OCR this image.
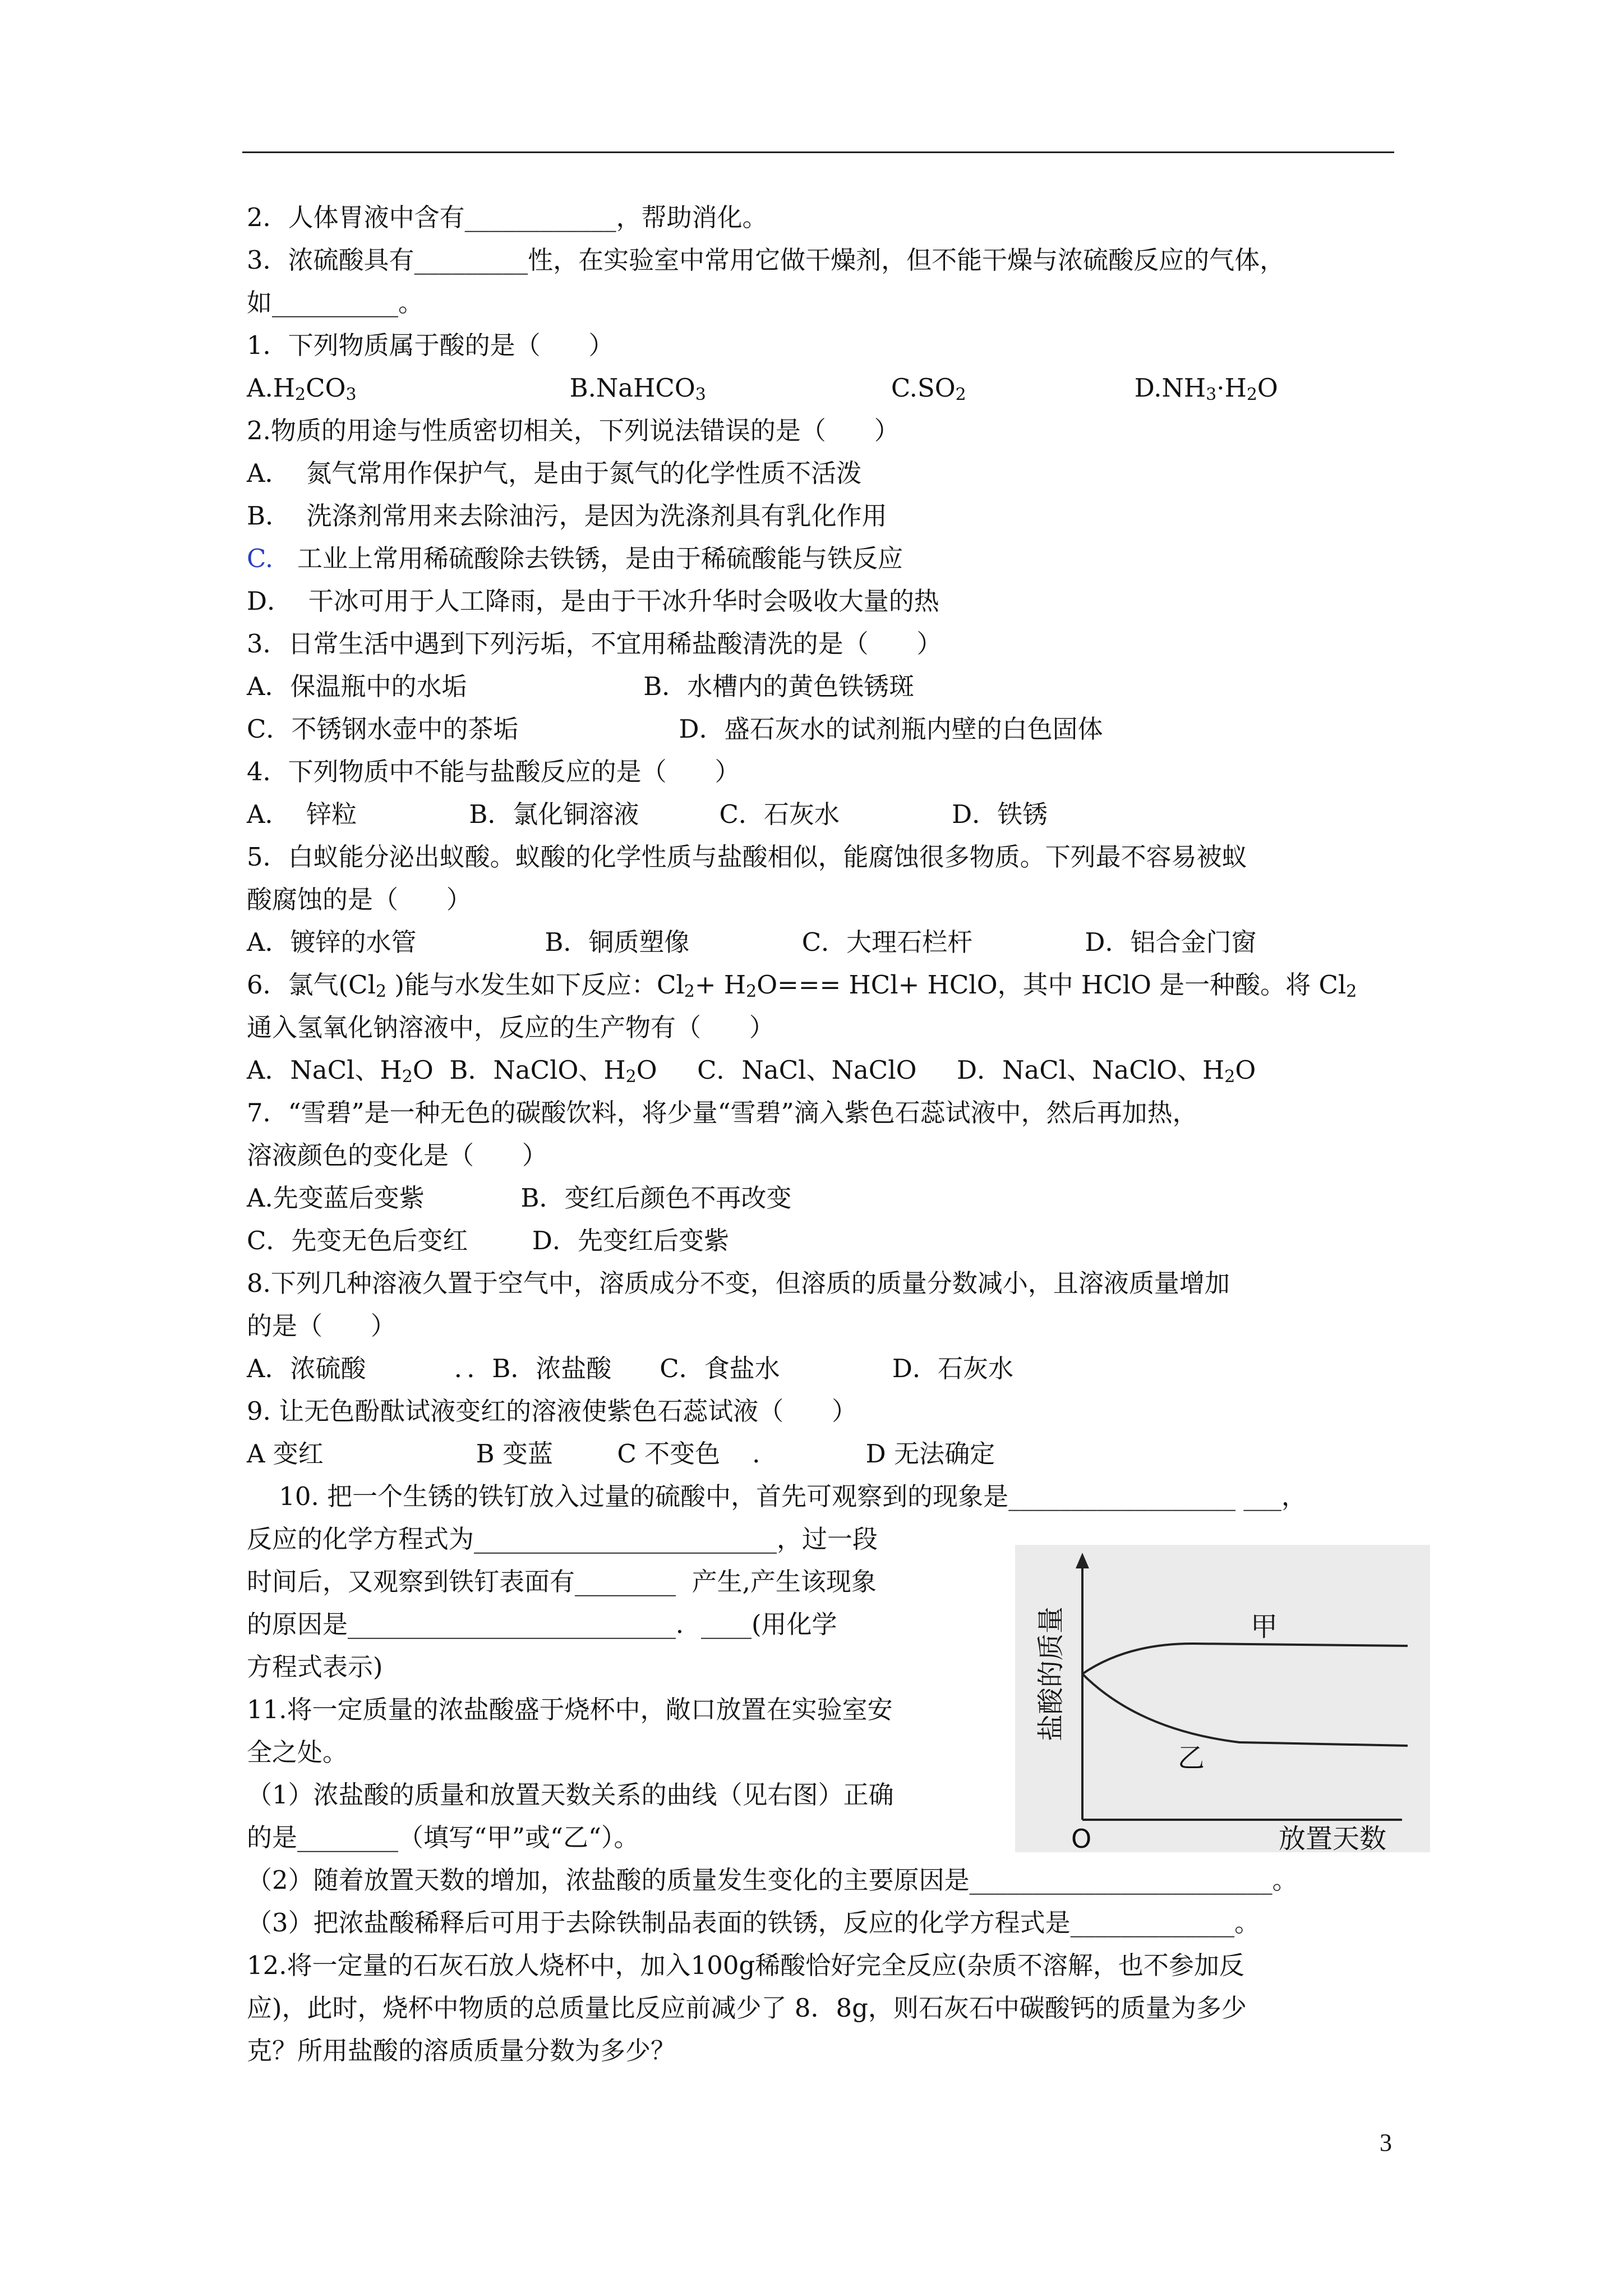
2．人体胃液中含有____________，帮助消化。
3．浓硫酸具有_________性，在实验室中常用它做干燥剂，但不能干燥与浓硫酸反应的气体，
如__________。
1．下列物质属于酸的是（      ）
$A.H_2CO_3$	B.NaHCO$_3$	$C.SO_2$	$D.NH_3\cdot H_2O$
2.物质的用途与性质密切相关，下列说法错误的是（      ）
A．  氮气常用作保护气，是由于氮气的化学性质不活泼
B．  洗涤剂常用来去除油污，是因为洗涤剂具有乳化作用
C.   工业上常用稀硫酸除去铁锈，是由于稀硫酸能与铁反应
D．  干冰可用于人工降雨，是由于干冰升华时会吸收大量的热
3．日常生活中遇到下列污垢，不宜用稀盐酸清洗的是（      ）
A．保温瓶中的水垢                      B．水槽内的黄色铁锈斑
C．不锈钢水壶中的茶垢                    D．盛石灰水的试剂瓶内壁的白色固体
4．下列物质中不能与盐酸反应的是（      ）
A．  锌粒              B．氯化铜溶液          C．石灰水              D．铁锈
5．白蚁能分泌出蚁酸。蚁酸的化学性质与盐酸相似，能腐蚀很多物质。下列最不容易被蚁
酸腐蚀的是（      ）
A．镀锌的水管                B．铜质塑像              C．大理石栏杆              D．铝合金门窗
6．氯气($Cl_2$ )能与水发生如下反应：$Cl_2+ H_2O=== HCl+$ HClO，其中 HClO 是一种酸。将 $Cl_2$
通入氢氧化钠溶液中，反应的生产物有（      ）
A．NaCl、$H_2O$  B．NaClO、$H_2O$     C．NaCl、NaClO     D．NaCl、NaClO、$H_2O$
7．“雪碧”是一种无色的碳酸饮料，将少量“雪碧”滴入紫色石蕊试液中，然后再加热，
溶液颜色的变化是（      ）
A.先变蓝后变紫            B．变红后颜色不再改变
C．先变无色后变红        D．先变红后变紫
8.下列几种溶液久置于空气中，溶质成分不变，但溶质的质量分数减小，且溶液质量增加
的是（      ）
A．浓硫酸           ．．B．浓盐酸      C．食盐水              D．石灰水
9. 让无色酚酞试液变红的溶液使紫色石蕊试液（      ）
A 变红                   B 变蓝        C 不变色    ．           D 无法确定
10. 把一个生锈的铁钉放入过量的硫酸中，首先可观察到的现象是__________________ ___，
反应的化学方程式为________________________，过一段
时间后，又观察到铁钉表面有________  产生,产生该现象
的原因是__________________________．____(用化学
方程式表示)
11.将一定质量的浓盐酸盛于烧杯中，敞口放置在实验室安
全之处。
（1）浓盐酸的质量和放置天数关系的曲线（见右图）正确
的是________（填写“甲”或“乙“）。
（2）随着放置天数的增加，浓盐酸的质量发生变化的主要原因是________________________。
（3）把浓盐酸稀释后可用于去除铁制品表面的铁锈，反应的化学方程式是_____________。
12.将一定量的石灰石放人烧杯中，加入100g稀酸恰好完全反应(杂质不溶解，也不参加反
应)，此时，烧杯中物质的总质量比反应前减少了 8．8g，则石灰石中碳酸钙的质量为多少
克？所用盐酸的溶质质量分数为多少？
盐酸的质量	甲
乙
O	放置天数
3
